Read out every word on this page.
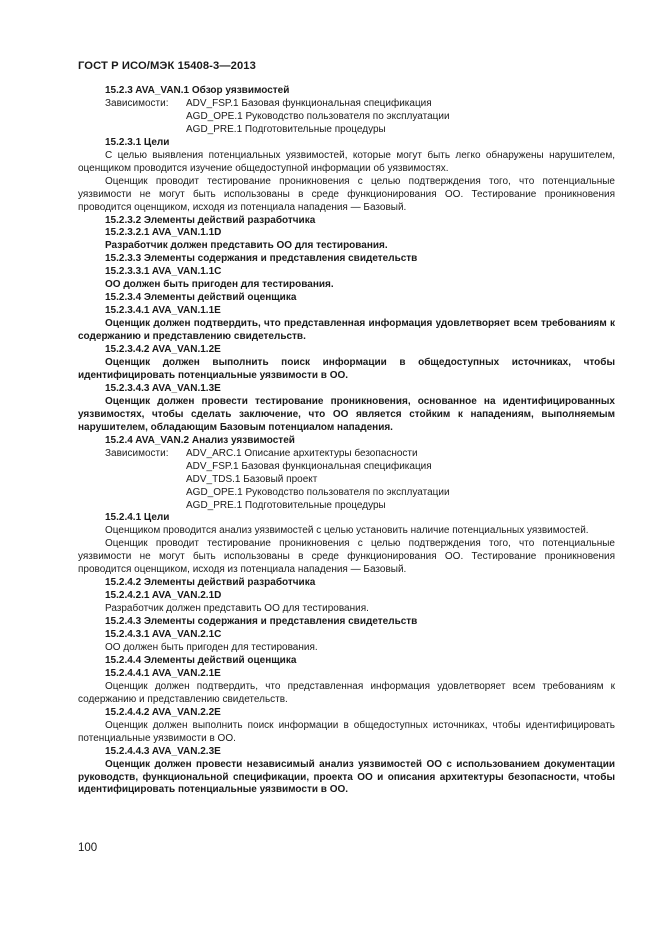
ГОСТ Р ИСО/МЭК 15408-3—2013

15.2.3 AVA_VAN.1 Обзор уязвимостей

Зависимости: ADV_FSP.1 Базовая функциональная спецификация
AGD_OPE.1 Руководство пользователя по эксплуатации
AGD_PRE.1 Подготовительные процедуры

15.2.3.1 Цели

С целью выявления потенциальных уязвимостей, которые могут быть легко обнаружены нарушителем, оценщиком проводится изучение общедоступной информации об уязвимостях.

Оценщик проводит тестирование проникновения с целью подтверждения того, что потенциальные уязвимости не могут быть использованы в среде функционирования ОО. Тестирование проникновения проводится оценщиком, исходя из потенциала нападения — Базовый.

15.2.3.2 Элементы действий разработчика

15.2.3.2.1 AVA_VAN.1.1D

Разработчик должен представить ОО для тестирования.

15.2.3.3 Элементы содержания и представления свидетельств

15.2.3.3.1 AVA_VAN.1.1C

ОО должен быть пригоден для тестирования.

15.2.3.4 Элементы действий оценщика

15.2.3.4.1 AVA_VAN.1.1E

Оценщик должен подтвердить, что представленная информация удовлетворяет всем требованиям к содержанию и представлению свидетельств.

15.2.3.4.2 AVA_VAN.1.2E

Оценщик должен выполнить поиск информации в общедоступных источниках, чтобы идентифицировать потенциальные уязвимости в ОО.

15.2.3.4.3 AVA_VAN.1.3E

Оценщик должен провести тестирование проникновения, основанное на идентифицированных уязвимостях, чтобы сделать заключение, что ОО является стойким к нападениям, выполняемым нарушителем, обладающим Базовым потенциалом нападения.

15.2.4 AVA_VAN.2 Анализ уязвимостей

Зависимости: ADV_ARC.1 Описание архитектуры безопасности
ADV_FSP.1 Базовая функциональная спецификация
ADV_TDS.1 Базовый проект
AGD_OPE.1 Руководство пользователя по эксплуатации
AGD_PRE.1 Подготовительные процедуры

15.2.4.1 Цели

Оценщиком проводится анализ уязвимостей с целью установить наличие потенциальных уязвимостей.

Оценщик проводит тестирование проникновения с целью подтверждения того, что потенциальные уязвимости не могут быть использованы в среде функционирования ОО. Тестирование проникновения проводится оценщиком, исходя из потенциала нападения — Базовый.

15.2.4.2 Элементы действий разработчика

15.2.4.2.1 AVA_VAN.2.1D

Разработчик должен представить ОО для тестирования.

15.2.4.3 Элементы содержания и представления свидетельств

15.2.4.3.1 AVA_VAN.2.1C

ОО должен быть пригоден для тестирования.

15.2.4.4 Элементы действий оценщика

15.2.4.4.1 AVA_VAN.2.1E

Оценщик должен подтвердить, что представленная информация удовлетворяет всем требованиям к содержанию и представлению свидетельств.

15.2.4.4.2 AVA_VAN.2.2E

Оценщик должен выполнить поиск информации в общедоступных источниках, чтобы идентифицировать потенциальные уязвимости в ОО.

15.2.4.4.3 AVA_VAN.2.3E

Оценщик должен провести независимый анализ уязвимостей ОО с использованием документации руководств, функциональной спецификации, проекта ОО и описания архитектуры безопасности, чтобы идентифицировать потенциальные уязвимости в ОО.

100
